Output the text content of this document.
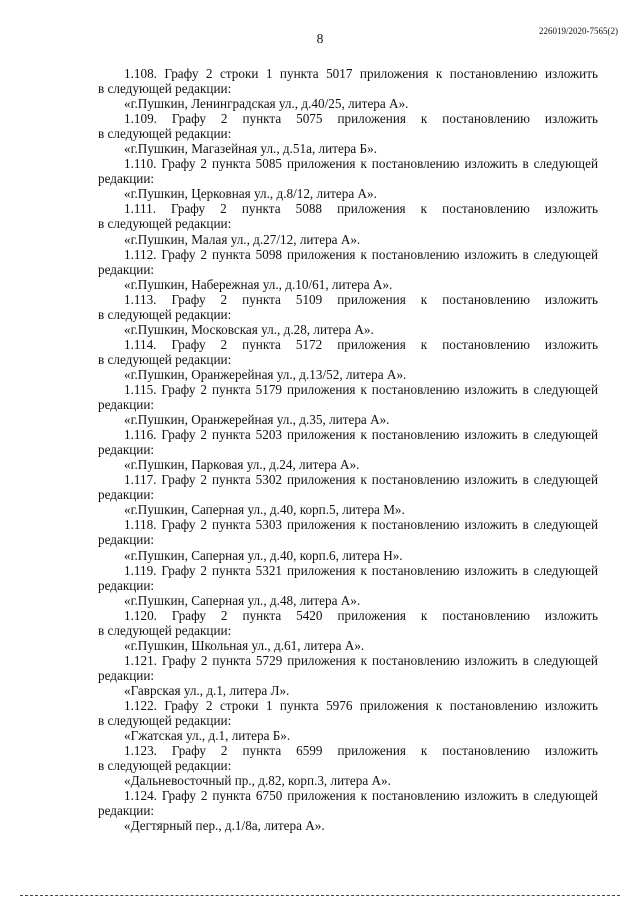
226019/2020-7565(2)
8
1.108. Графу 2 строки 1 пункта 5017 приложения к постановлению изложить
в следующей редакции:
«г.Пушкин, Ленинградская ул., д.40/25, литера А».
1.109. Графу 2 пункта 5075 приложения к постановлению изложить
в следующей редакции:
«г.Пушкин, Магазейная ул., д.51а, литера Б».
1.110. Графу 2 пункта 5085 приложения к постановлению изложить в следующей
редакции:
«г.Пушкин, Церковная ул., д.8/12, литера А».
1.111. Графу 2 пункта 5088 приложения к постановлению изложить
в следующей редакции:
«г.Пушкин, Малая ул., д.27/12, литера А».
1.112. Графу 2 пункта 5098 приложения к постановлению изложить в следующей
редакции:
«г.Пушкин, Набережная ул., д.10/61, литера А».
1.113. Графу 2 пункта 5109 приложения к постановлению изложить
в следующей редакции:
«г.Пушкин, Московская ул., д.28, литера А».
1.114. Графу 2 пункта 5172 приложения к постановлению изложить
в следующей редакции:
«г.Пушкин, Оранжерейная ул., д.13/52, литера А».
1.115. Графу 2 пункта 5179 приложения к постановлению изложить в следующей
редакции:
«г.Пушкин, Оранжерейная ул., д.35, литера А».
1.116. Графу 2 пункта 5203 приложения к постановлению изложить в следующей
редакции:
«г.Пушкин, Парковая ул., д.24, литера А».
1.117. Графу 2 пункта 5302 приложения к постановлению изложить в следующей
редакции:
«г.Пушкин, Саперная ул., д.40, корп.5, литера М».
1.118. Графу 2 пункта 5303 приложения к постановлению изложить в следующей
редакции:
«г.Пушкин, Саперная ул., д.40, корп.6, литера Н».
1.119. Графу 2 пункта 5321 приложения к постановлению изложить в следующей
редакции:
«г.Пушкин, Саперная ул., д.48, литера А».
1.120. Графу 2 пункта 5420 приложения к постановлению изложить
в следующей редакции:
«г.Пушкин, Школьная ул., д.61, литера А».
1.121. Графу 2 пункта 5729 приложения к постановлению изложить в следующей
редакции:
«Гаврская ул., д.1, литера Л».
1.122. Графу 2 строки 1 пункта 5976 приложения к постановлению изложить
в следующей редакции:
«Гжатская ул., д.1, литера Б».
1.123. Графу 2 пункта 6599 приложения к постановлению изложить
в следующей редакции:
«Дальневосточный пр., д.82, корп.3, литера А».
1.124. Графу 2 пункта 6750 приложения к постановлению изложить в следующей
редакции:
«Дегтярный пер., д.1/8а, литера А».
